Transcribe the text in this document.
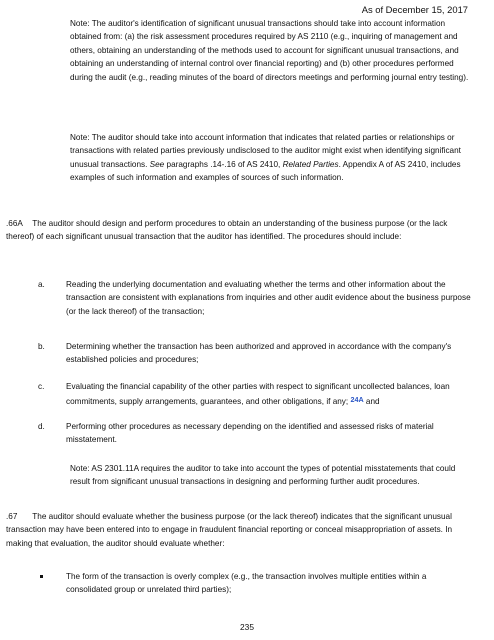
As of December 15, 2017

Note: The auditor's identification of significant unusual transactions should take into account information obtained from: (a) the risk assessment procedures required by AS 2110 (e.g., inquiring of management and others, obtaining an understanding of the methods used to account for significant unusual transactions, and obtaining an understanding of internal control over financial reporting) and (b) other procedures performed during the audit (e.g., reading minutes of the board of directors meetings and performing journal entry testing).

Note: The auditor should take into account information that indicates that related parties or relationships or transactions with related parties previously undisclosed to the auditor might exist when identifying significant unusual transactions. See paragraphs .14-.16 of AS 2410, Related Parties. Appendix A of AS 2410, includes examples of such information and examples of sources of such information.

.66A The auditor should design and perform procedures to obtain an understanding of the business purpose (or the lack thereof) of each significant unusual transaction that the auditor has identified. The procedures should include:

a.	Reading the underlying documentation and evaluating whether the terms and other information about the transaction are consistent with explanations from inquiries and other audit evidence about the business purpose (or the lack thereof) of the transaction;
b.	Determining whether the transaction has been authorized and approved in accordance with the company's established policies and procedures;
c.	Evaluating the financial capability of the other parties with respect to significant uncollected balances, loan commitments, supply arrangements, guarantees, and other obligations, if any; 24A and
d.	Performing other procedures as necessary depending on the identified and assessed risks of material misstatement.

Note: AS 2301.11A requires the auditor to take into account the types of potential misstatements that could result from significant unusual transactions in designing and performing further audit procedures.

.67 The auditor should evaluate whether the business purpose (or the lack thereof) indicates that the significant unusual transaction may have been entered into to engage in fraudulent financial reporting or conceal misappropriation of assets. In making that evaluation, the auditor should evaluate whether:

The form of the transaction is overly complex (e.g., the transaction involves multiple entities within a consolidated group or unrelated third parties);
235
